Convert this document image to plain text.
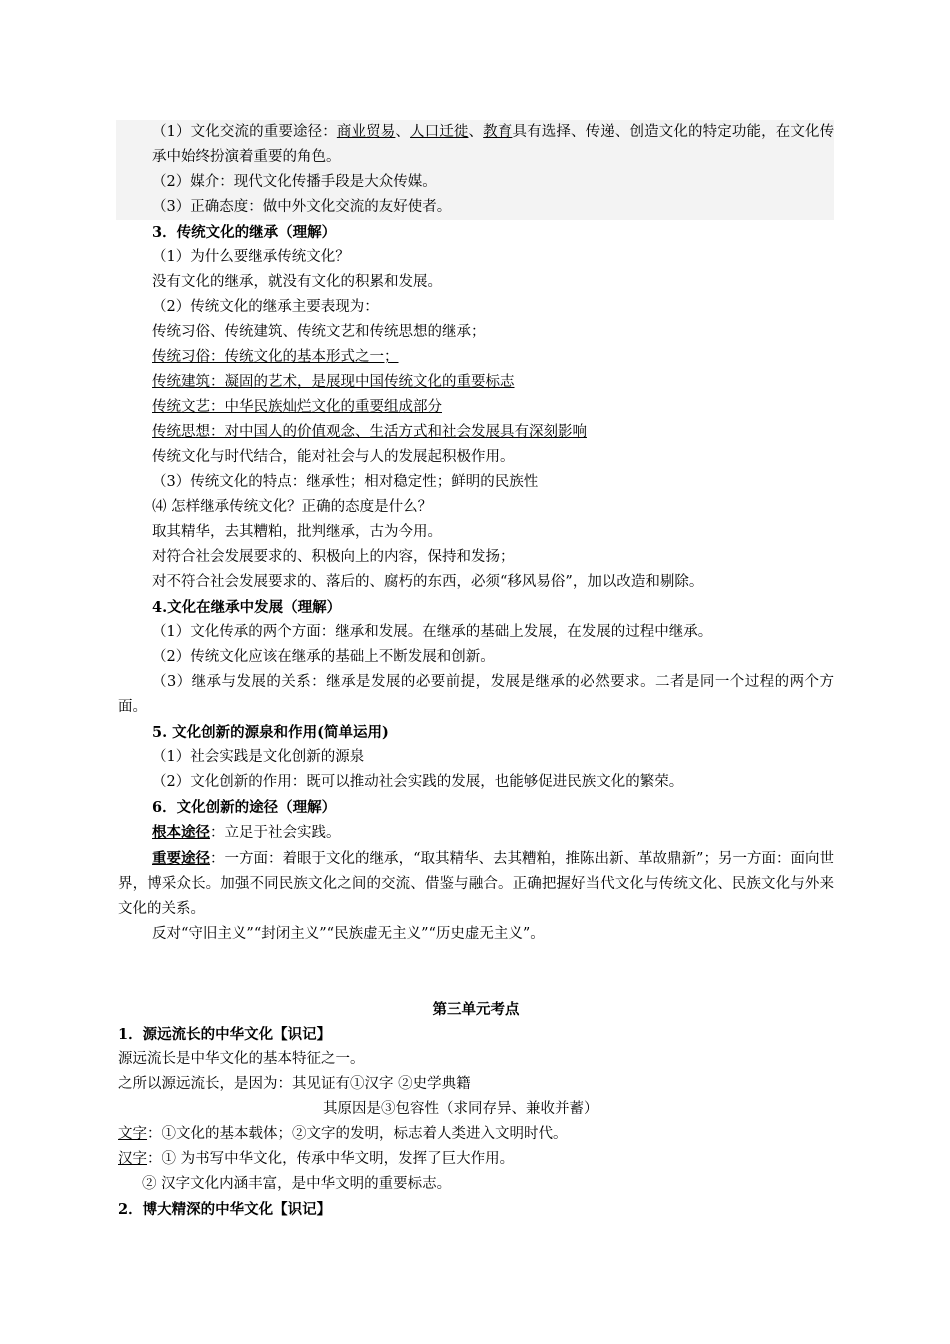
（1）文化交流的重要途径：商业贸易、人口迁徙、教育具有选择、传递、创造文化的特定功能，在文化传承中始终扮演着重要的角色。

（2）媒介：现代文化传播手段是大众传媒。

（3）正确态度：做中外文化交流的友好使者。

3．传统文化的继承（理解）

（1）为什么要继承传统文化？

没有文化的继承，就没有文化的积累和发展。

（2）传统文化的继承主要表现为：

传统习俗、传统建筑、传统文艺和传统思想的继承；

传统习俗：传统文化的基本形式之一；

传统建筑：凝固的艺术，是展现中国传统文化的重要标志

传统文艺：中华民族灿烂文化的重要组成部分

传统思想：对中国人的价值观念、生活方式和社会发展具有深刻影响

传统文化与时代结合，能对社会与人的发展起积极作用。

（3）传统文化的特点：继承性；相对稳定性；鲜明的民族性

⑷ 怎样继承传统文化？正确的态度是什么？

取其精华，去其糟粕，批判继承，古为今用。

对符合社会发展要求的、积极向上的内容，保持和发扬；

对不符合社会发展要求的、落后的、腐朽的东西，必须“移风易俗”，加以改造和剔除。

4.文化在继承中发展（理解）

（1）文化传承的两个方面：继承和发展。在继承的基础上发展，在发展的过程中继承。

（2）传统文化应该在继承的基础上不断发展和创新。

（3）继承与发展的关系：继承是发展的必要前提，发展是继承的必然要求。二者是同一个过程的两个方面。

5. 文化创新的源泉和作用(简单运用)

（1）社会实践是文化创新的源泉

（2）文化创新的作用：既可以推动社会实践的发展，也能够促进民族文化的繁荣。

6．文化创新的途径（理解）

根本途径：立足于社会实践。

重要途径：一方面：着眼于文化的继承，“取其精华、去其糟粕，推陈出新、革故鼎新”；另一方面：面向世界，博采众长。加强不同民族文化之间的交流、借鉴与融合。正确把握好当代文化与传统文化、民族文化与外来文化的关系。

反对“守旧主义”“封闭主义”“民族虚无主义”“历史虚无主义”。

第三单元考点

1．源远流长的中华文化【识记】

源远流长是中华文化的基本特征之一。

之所以源远流长，是因为：其见证有①汉字 ②史学典籍

其原因是③包容性（求同存异、兼收并蓄）

文字：①文化的基本载体；②文字的发明，标志着人类进入文明时代。

汉字：① 为书写中华文化，传承中华文明，发挥了巨大作用。

② 汉字文化内涵丰富，是中华文明的重要标志。

2．博大精深的中华文化【识记】
